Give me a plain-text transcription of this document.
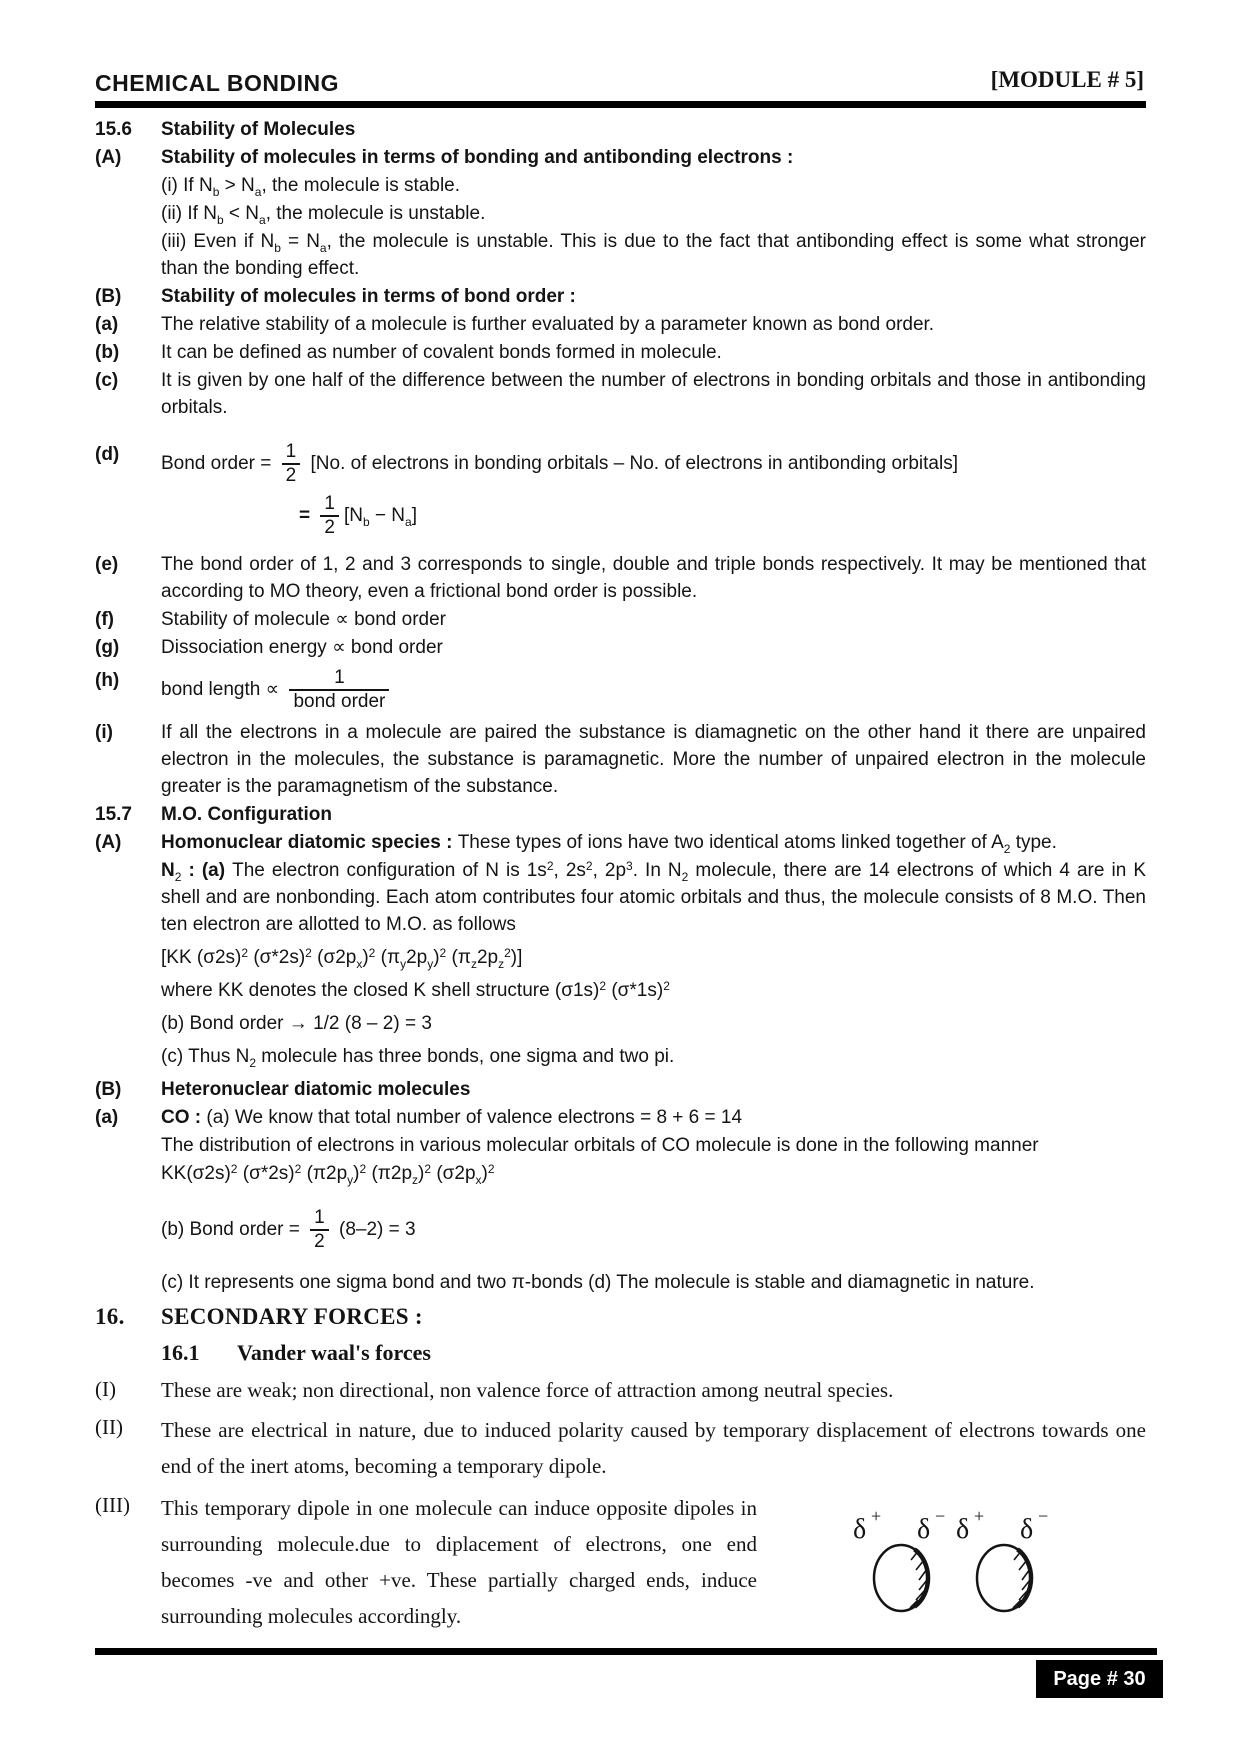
CHEMICAL BONDING	[MODULE # 5]
15.6	Stability of Molecules
(A)	Stability of molecules in terms of bonding and antibonding electrons :
(i) If $N_b > N_a$, the molecule is stable.
(ii) If $N_b < N_a$, the molecule is unstable.
(iii) Even if $N_b = N_a$, the molecule is unstable. This is due to the fact that antibonding effect is some what stronger than the bonding effect.
(B)	Stability of molecules in terms of bond order :
(a)	The relative stability of a molecule is further evaluated by a parameter known as bond order.
(b)	It can be defined as number of covalent bonds formed in molecule.
(c)	It is given by one half of the difference between the number of electrons in bonding orbitals and those in antibonding orbitals.
(d)	Bond order = $\frac{1}{2} [No$. of electrons in bonding orbitals – No. of electrons in antibonding orbitals]
= $\frac{1}{2} [N_b - N_a]$
(e)	The bond order of 1, 2 and 3 corresponds to single, double and triple bonds respectively. It may be mentioned that according to MO theory, even a frictional bond order is possible.
(f)	Stability of molecule ∝ bond order
(g)	Dissociation energy ∝ bond order
(h)	bond length ∝ $\frac{1}{\text{bond order}}$
(i)	If all the electrons in a molecule are paired the substance is diamagnetic on the other hand it there are unpaired electron in the molecules, the substance is paramagnetic. More the number of unpaired electron in the molecule greater is the paramagnetism of the substance.
15.7	M.O. Configuration
(A)	Homonuclear diatomic species : These types of ions have two identical atoms linked together of $A_2$ type.
$N_2$ : (a) The electron configuration of N is $1s^2$, $2s^2$, $2p^3$. In $N_2$ molecule, there are 14 electrons of which 4 are in K shell and are nonbonding. Each atom contributes four atomic orbitals and thus, the molecule consists of 8 M.O. Then ten electron are allotted to M.O. as follows
[KK $(\sigma 2s)^2$ $(\sigma*2s)^2$ $(\sigma 2p_x)^2$ $(\pi_y2p_y)^2$ $(\pi_z2p_z^2)$]
where KK denotes the closed K shell structure $(\sigma 1s)^2$ $(\sigma*1s)^2$
(b) Bond order → 1/2 (8 – 2) = 3
(c) Thus $N_2$ molecule has three bonds, one sigma and two pi.
(B)	Heteronuclear diatomic molecules
(a)	CO : (a) We know that total number of valence electrons = 8 + 6 = 14
The distribution of electrons in various molecular orbitals of CO molecule is done in the following manner
$KK(\sigma 2s)^2$ $(\sigma*2s)^2$ $(\pi 2p_y)^2$ $(\pi 2p_z)^2$ $(\sigma 2p_x)^2$
(b) Bond order = $\frac{1}{2} (8-2) = 3$
(c) It represents one sigma bond and two π-bonds (d) The molecule is stable and diamagnetic in nature.
16.	SECONDARY FORCES :
16.1	Vander waal's forces
(I)	These are weak; non directional, non valence force of attraction among neutral species.
(II)	These are electrical in nature, due to induced polarity caused by temporary displacement of electrons towards one end of the inert atoms, becoming a temporary dipole.
(III)	This temporary dipole in one molecule can induce opposite dipoles in surrounding molecule.due to diplacement of electrons, one end becomes -ve and other +ve. These partially charged ends, induce surrounding molecules accordingly.
δ + δ − δ + δ −
Page # 30
